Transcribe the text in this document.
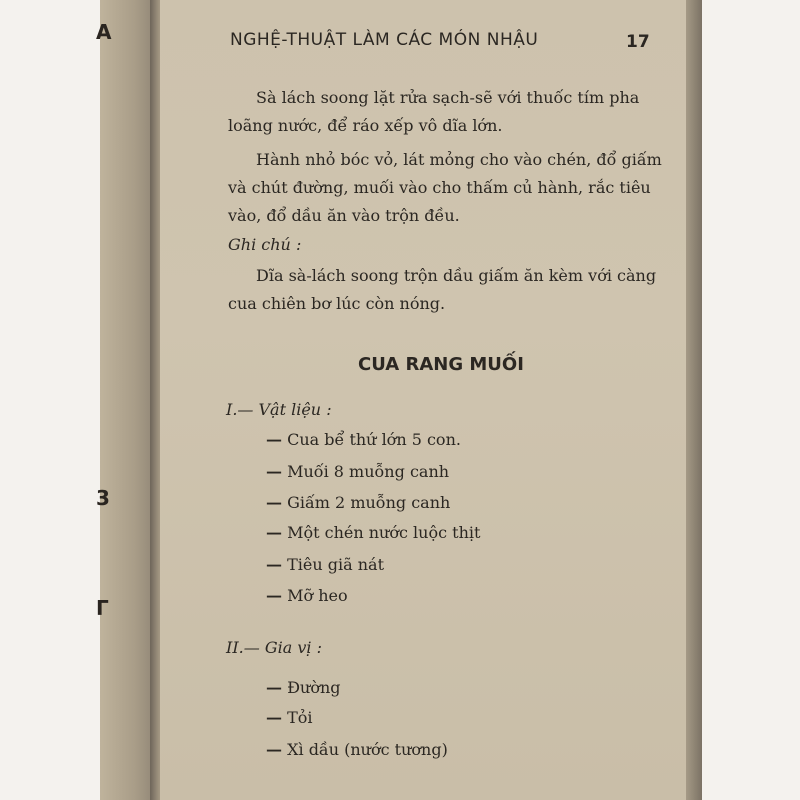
A
3
Γ
NGHỆ-THUẬT LÀM CÁC MÓN NHẬU	17
Sà lách soong lặt rửa sạch-sẽ với thuốc tím pha loãng nước, để ráo xếp vô dĩa lớn.
Hành nhỏ bóc vỏ, lát mỏng cho vào chén, đổ giấm và chút đường, muối vào cho thấm củ hành, rắc tiêu vào, đổ dầu ăn vào trộn đều.
Ghi chú :
Dĩa sà-lách soong trộn dầu giấm ăn kèm với càng cua chiên bơ lúc còn nóng.
CUA RANG MUỐI
I.— Vật liệu :
— Cua bể thứ lớn 5 con.
— Muối 8 muỗng canh
— Giấm 2 muỗng canh
— Một chén nước luộc thịt
— Tiêu giã nát
— Mỡ heo
II.— Gia vị :
— Đường
— Tỏi
— Xì dầu (nước tương)
